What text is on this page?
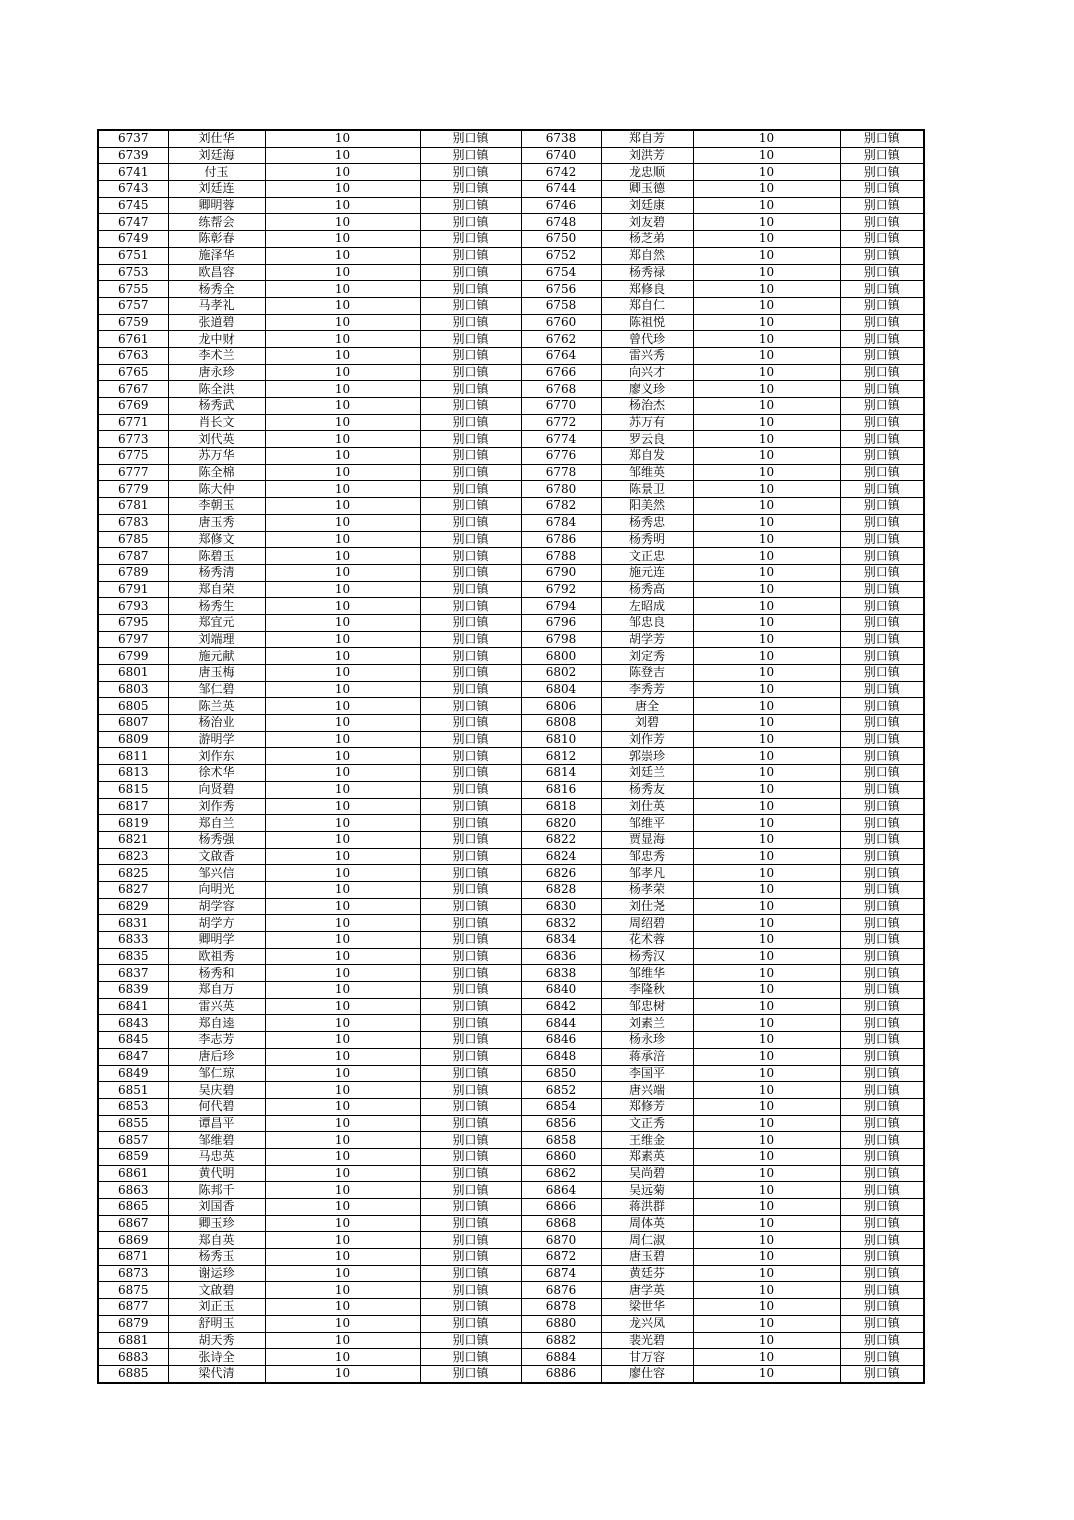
6737	刘仕华	10	别口镇	6738	郑自芳	10	别口镇
6739	刘廷海	10	别口镇	6740	刘洪芳	10	别口镇
6741	付玉	10	别口镇	6742	龙忠顺	10	别口镇
6743	刘廷连	10	别口镇	6744	卿玉德	10	别口镇
6745	卿明蓉	10	别口镇	6746	刘廷康	10	别口镇
6747	练帮会	10	别口镇	6748	刘友碧	10	别口镇
6749	陈彰春	10	别口镇	6750	杨芝弟	10	别口镇
6751	施泽华	10	别口镇	6752	郑自然	10	别口镇
6753	欧昌容	10	别口镇	6754	杨秀禄	10	别口镇
6755	杨秀全	10	别口镇	6756	郑修良	10	别口镇
6757	马孝礼	10	别口镇	6758	郑自仁	10	别口镇
6759	张道碧	10	别口镇	6760	陈祖悦	10	别口镇
6761	龙中财	10	别口镇	6762	曾代珍	10	别口镇
6763	李术兰	10	别口镇	6764	雷兴秀	10	别口镇
6765	唐永珍	10	别口镇	6766	向兴才	10	别口镇
6767	陈全洪	10	别口镇	6768	廖义珍	10	别口镇
6769	杨秀武	10	别口镇	6770	杨治杰	10	别口镇
6771	肖长文	10	别口镇	6772	苏万有	10	别口镇
6773	刘代英	10	别口镇	6774	罗云良	10	别口镇
6775	苏万华	10	别口镇	6776	郑自发	10	别口镇
6777	陈全棉	10	别口镇	6778	邹维英	10	别口镇
6779	陈大仲	10	别口镇	6780	陈景卫	10	别口镇
6781	李朝玉	10	别口镇	6782	阳美然	10	别口镇
6783	唐玉秀	10	别口镇	6784	杨秀忠	10	别口镇
6785	郑修文	10	别口镇	6786	杨秀明	10	别口镇
6787	陈碧玉	10	别口镇	6788	文正忠	10	别口镇
6789	杨秀清	10	别口镇	6790	施元连	10	别口镇
6791	郑自荣	10	别口镇	6792	杨秀高	10	别口镇
6793	杨秀生	10	别口镇	6794	左昭成	10	别口镇
6795	郑宜元	10	别口镇	6796	邹忠良	10	别口镇
6797	刘端理	10	别口镇	6798	胡学芳	10	别口镇
6799	施元献	10	别口镇	6800	刘定秀	10	别口镇
6801	唐玉梅	10	别口镇	6802	陈登吉	10	别口镇
6803	邹仁碧	10	别口镇	6804	李秀芳	10	别口镇
6805	陈兰英	10	别口镇	6806	唐全	10	别口镇
6807	杨治业	10	别口镇	6808	刘碧	10	别口镇
6809	游明学	10	别口镇	6810	刘作芳	10	别口镇
6811	刘作东	10	别口镇	6812	郭崇珍	10	别口镇
6813	徐术华	10	别口镇	6814	刘廷兰	10	别口镇
6815	向贤碧	10	别口镇	6816	杨秀友	10	别口镇
6817	刘作秀	10	别口镇	6818	刘仕英	10	别口镇
6819	郑自兰	10	别口镇	6820	邹维平	10	别口镇
6821	杨秀强	10	别口镇	6822	贾显海	10	别口镇
6823	文啟香	10	别口镇	6824	邹忠秀	10	别口镇
6825	邹兴信	10	别口镇	6826	邹孝凡	10	别口镇
6827	向明光	10	别口镇	6828	杨孝荣	10	别口镇
6829	胡学容	10	别口镇	6830	刘仕尧	10	别口镇
6831	胡学方	10	别口镇	6832	周绍碧	10	别口镇
6833	卿明学	10	别口镇	6834	花术蓉	10	别口镇
6835	欧祖秀	10	别口镇	6836	杨秀汉	10	别口镇
6837	杨秀和	10	别口镇	6838	邹维华	10	别口镇
6839	郑自万	10	别口镇	6840	李隆秋	10	别口镇
6841	雷兴英	10	别口镇	6842	邹忠树	10	别口镇
6843	郑自逵	10	别口镇	6844	刘素兰	10	别口镇
6845	李志芳	10	别口镇	6846	杨永珍	10	别口镇
6847	唐后珍	10	别口镇	6848	蒋承涪	10	别口镇
6849	邹仁琼	10	别口镇	6850	李国平	10	别口镇
6851	吴庆碧	10	别口镇	6852	唐兴端	10	别口镇
6853	何代碧	10	别口镇	6854	郑修芳	10	别口镇
6855	谭昌平	10	别口镇	6856	文正秀	10	别口镇
6857	邹维碧	10	别口镇	6858	王维金	10	别口镇
6859	马忠英	10	别口镇	6860	郑素英	10	别口镇
6861	黄代明	10	别口镇	6862	吴尚碧	10	别口镇
6863	陈邦千	10	别口镇	6864	吴远菊	10	别口镇
6865	刘国香	10	别口镇	6866	蒋洪群	10	别口镇
6867	卿玉珍	10	别口镇	6868	周体英	10	别口镇
6869	郑自英	10	别口镇	6870	周仁淑	10	别口镇
6871	杨秀玉	10	别口镇	6872	唐玉碧	10	别口镇
6873	谢运珍	10	别口镇	6874	黄廷芬	10	别口镇
6875	文啟碧	10	别口镇	6876	唐学英	10	别口镇
6877	刘正玉	10	别口镇	6878	梁世华	10	别口镇
6879	舒明玉	10	别口镇	6880	龙兴凤	10	别口镇
6881	胡天秀	10	别口镇	6882	裴光碧	10	别口镇
6883	张诗全	10	别口镇	6884	甘万容	10	别口镇
6885	梁代清	10	别口镇	6886	廖仕容	10	别口镇
